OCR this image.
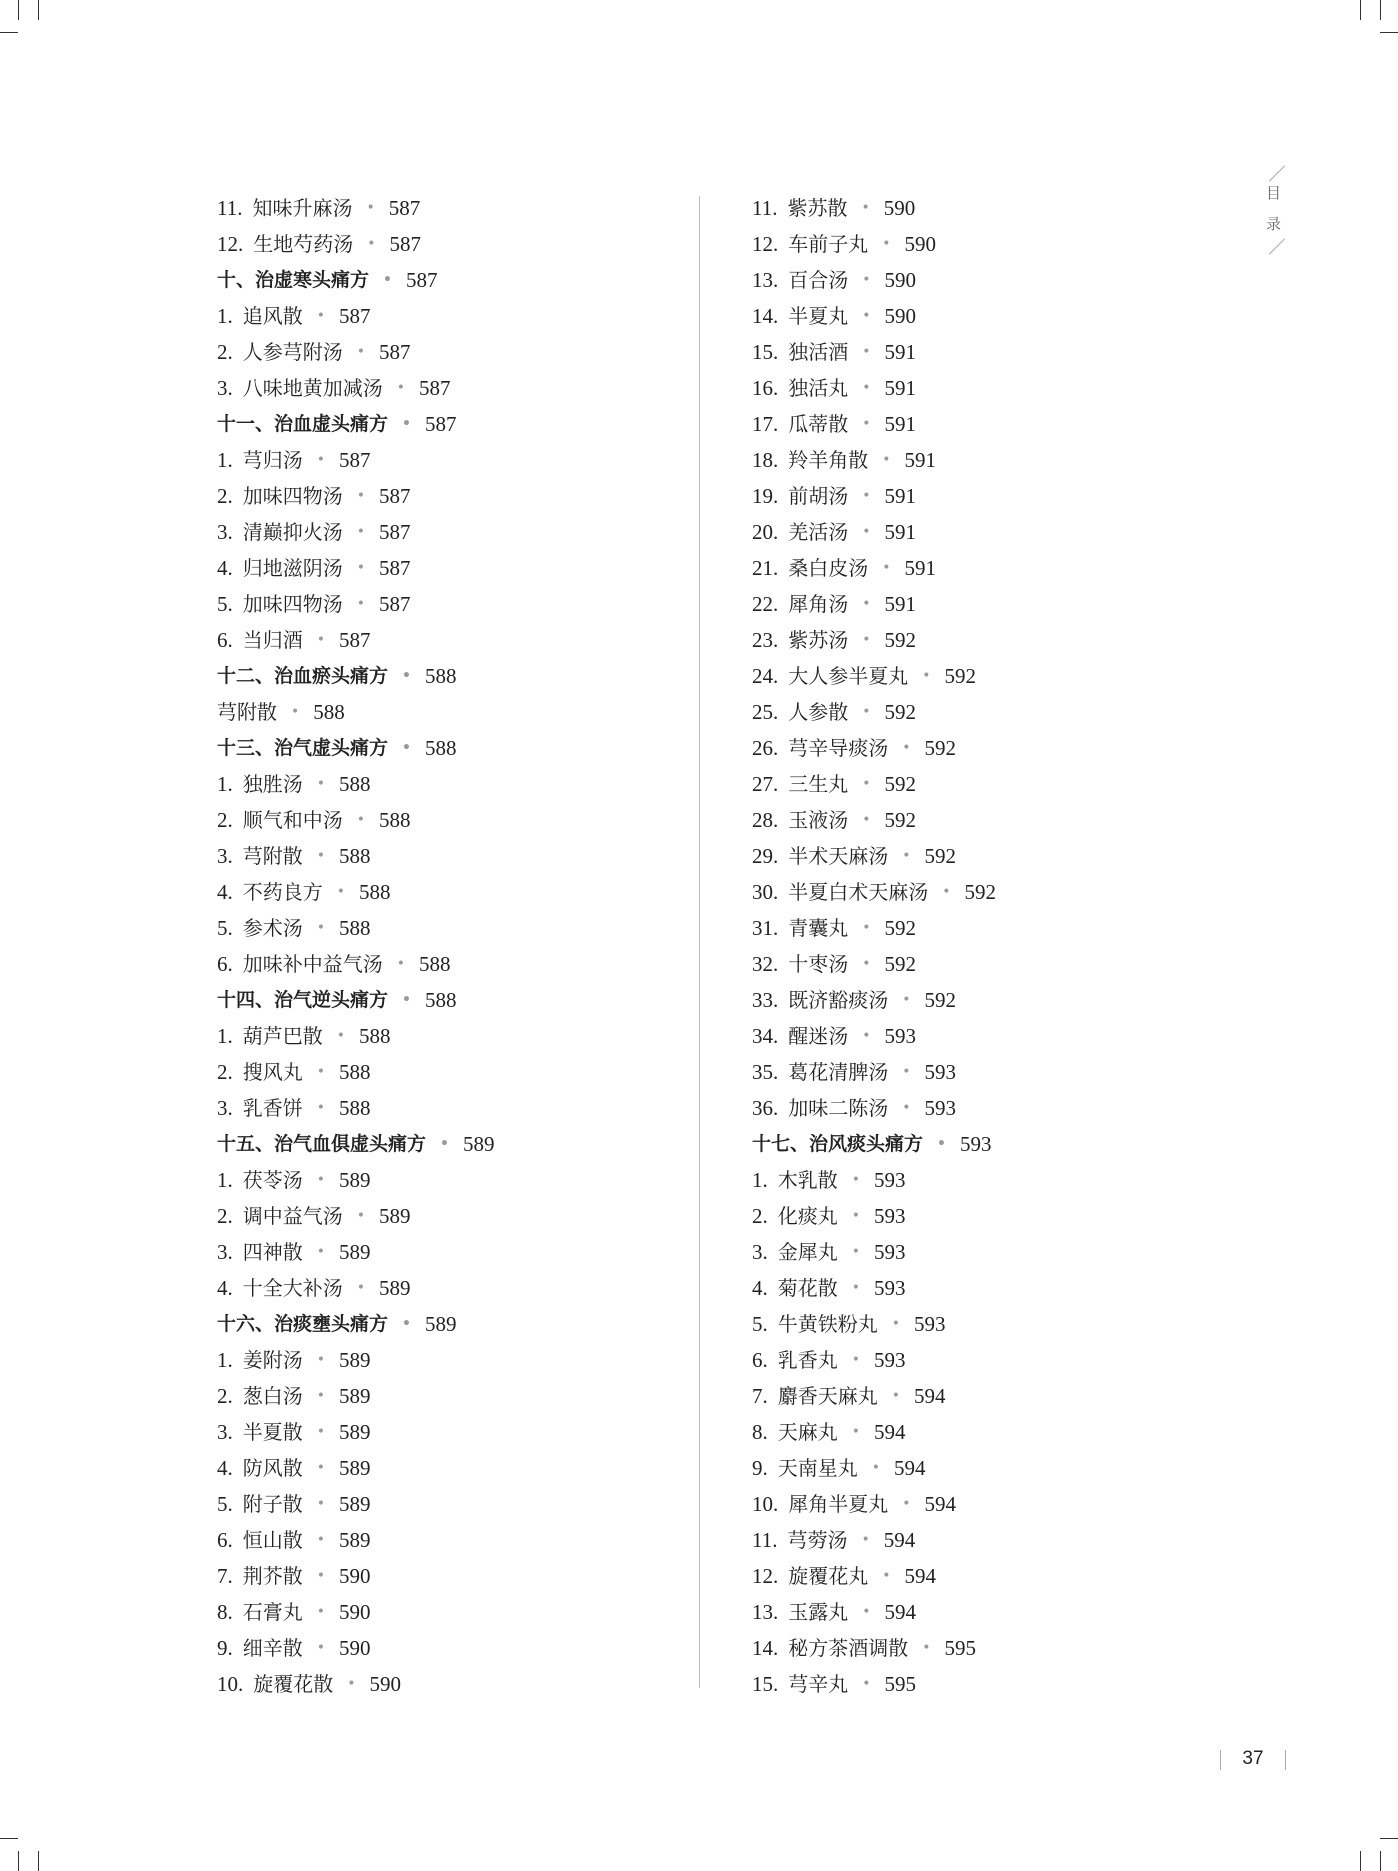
目
录
11. 知味升麻汤 • 587
12. 生地芍药汤 • 587
十、治虚寒头痛方 • 587
1. 追风散 • 587
2. 人参芎附汤 • 587
3. 八味地黄加减汤 • 587
十一、治血虚头痛方 • 587
1. 芎归汤 • 587
2. 加味四物汤 • 587
3. 清巅抑火汤 • 587
4. 归地滋阴汤 • 587
5. 加味四物汤 • 587
6. 当归酒 • 587
十二、治血瘀头痛方 • 588
芎附散 • 588
十三、治气虚头痛方 • 588
1. 独胜汤 • 588
2. 顺气和中汤 • 588
3. 芎附散 • 588
4. 不药良方 • 588
5. 参术汤 • 588
6. 加味补中益气汤 • 588
十四、治气逆头痛方 • 588
1. 葫芦巴散 • 588
2. 搜风丸 • 588
3. 乳香饼 • 588
十五、治气血俱虚头痛方 • 589
1. 茯苓汤 • 589
2. 调中益气汤 • 589
3. 四神散 • 589
4. 十全大补汤 • 589
十六、治痰壅头痛方 • 589
1. 姜附汤 • 589
2. 葱白汤 • 589
3. 半夏散 • 589
4. 防风散 • 589
5. 附子散 • 589
6. 恒山散 • 589
7. 荆芥散 • 590
8. 石膏丸 • 590
9. 细辛散 • 590
10. 旋覆花散 • 590
11. 紫苏散 • 590
12. 车前子丸 • 590
13. 百合汤 • 590
14. 半夏丸 • 590
15. 独活酒 • 591
16. 独活丸 • 591
17. 瓜蒂散 • 591
18. 羚羊角散 • 591
19. 前胡汤 • 591
20. 羌活汤 • 591
21. 桑白皮汤 • 591
22. 犀角汤 • 591
23. 紫苏汤 • 592
24. 大人参半夏丸 • 592
25. 人参散 • 592
26. 芎辛导痰汤 • 592
27. 三生丸 • 592
28. 玉液汤 • 592
29. 半术天麻汤 • 592
30. 半夏白术天麻汤 • 592
31. 青囊丸 • 592
32. 十枣汤 • 592
33. 既济豁痰汤 • 592
34. 醒迷汤 • 593
35. 葛花清脾汤 • 593
36. 加味二陈汤 • 593
十七、治风痰头痛方 • 593
1. 木乳散 • 593
2. 化痰丸 • 593
3. 金犀丸 • 593
4. 菊花散 • 593
5. 牛黄铁粉丸 • 593
6. 乳香丸 • 593
7. 麝香天麻丸 • 594
8. 天麻丸 • 594
9. 天南星丸 • 594
10. 犀角半夏丸 • 594
11. 芎䓖汤 • 594
12. 旋覆花丸 • 594
13. 玉露丸 • 594
14. 秘方茶酒调散 • 595
15. 芎辛丸 • 595
37
